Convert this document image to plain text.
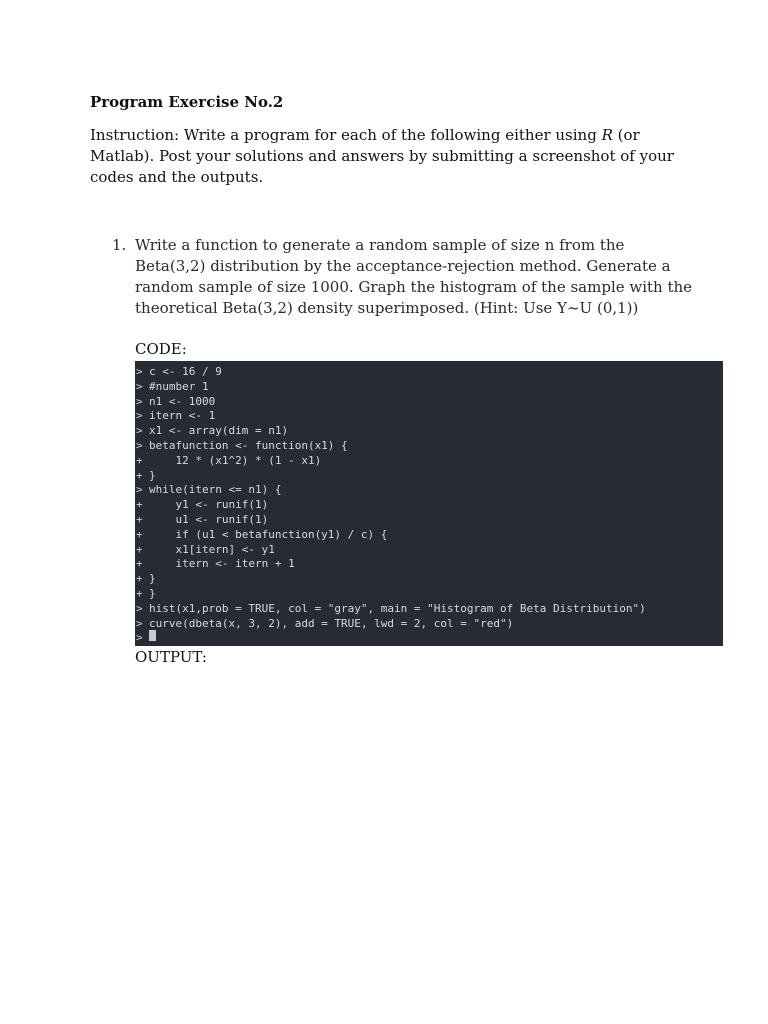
Program Exercise No.2

Instruction: Write a program for each of the following either using R (or Matlab). Post your solutions and answers by submitting a screenshot of your codes and the outputs.

1. Write a function to generate a random sample of size n from the Beta(3,2) distribution by the acceptance-rejection method. Generate a random sample of size 1000. Graph the histogram of the sample with the theoretical Beta(3,2) density superimposed. (Hint: Use Y~U (0,1))
CODE:
> c <- 16 / 9
> #number 1
> n1 <- 1000
> itern <- 1
> x1 <- array(dim = n1)
> betafunction <- function(x1) {
+ 12 * (x1^2) * (1 - x1)
+ }
> while(itern <= n1) {
+ y1 <- runif(1)
+ u1 <- runif(1)
+ if (u1 < betafunction(y1) / c) {
+ x1[itern] <- y1
+ itern <- itern + 1
+ }
+ }
> hist(x1,prob = TRUE, col = "gray", main = "Histogram of Beta Distribution")
> curve(dbeta(x, 3, 2), add = TRUE, lwd = 2, col = "red")
>
OUTPUT:
